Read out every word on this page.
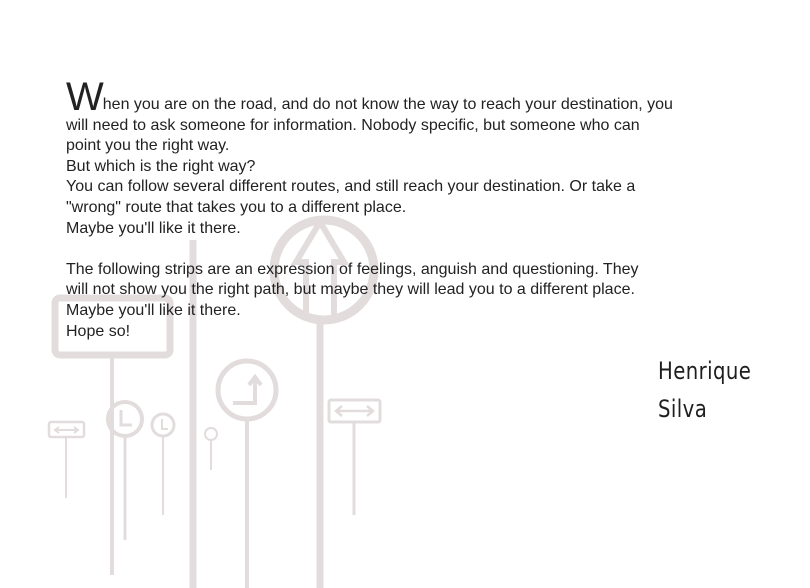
When you are on the road, and do not know the way to reach your destination, you
will need to ask someone for information. Nobody specific, but someone who can
point you the right way.
But which is the right way?
You can follow several different routes, and still reach your destination. Or take a
"wrong" route that takes you to a different place.
Maybe you'll like it there.
The following strips are an expression of feelings, anguish and questioning. They
will not show you the right path, but maybe they will lead you to a different place.
Maybe you'll like it there.
Hope so!
Henrique
Silva
